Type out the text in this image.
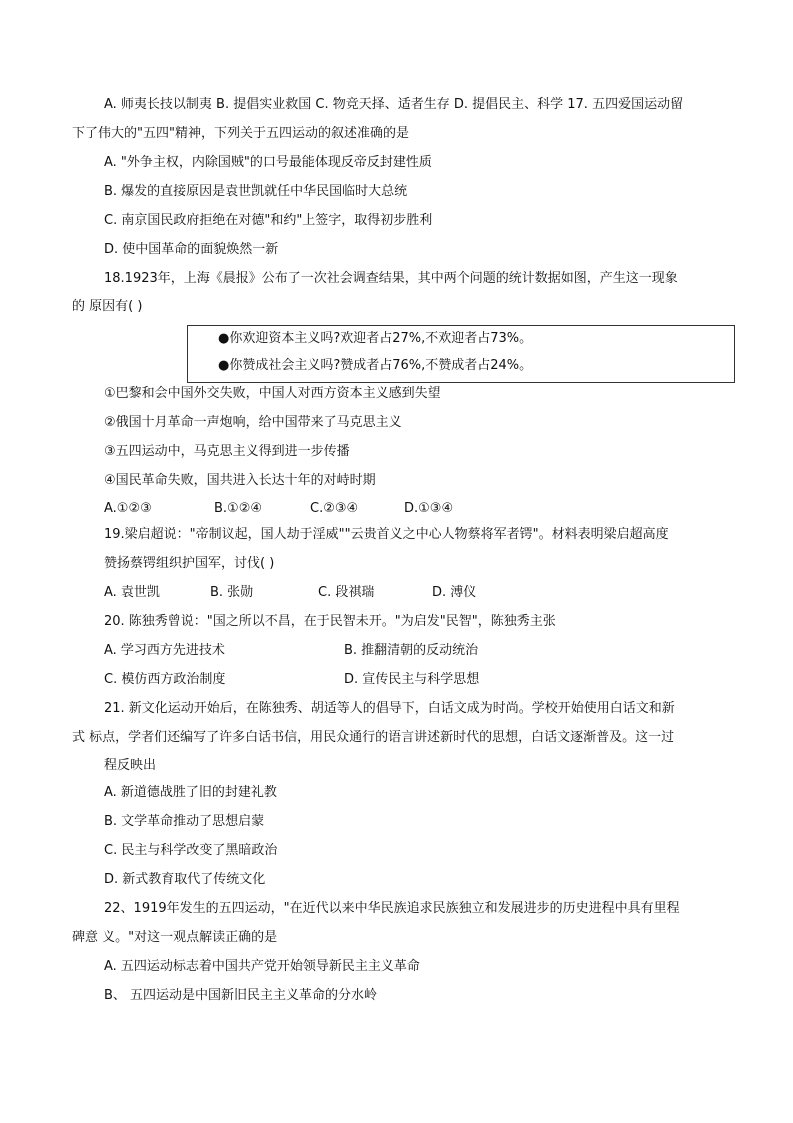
A. 师夷长技以制夷 B. 提倡实业救国 C. 物竞天择、适者生存 D. 提倡民主、科学 17. 五四爱国运动留
下了伟大的"五四"精神，下列关于五四运动的叙述准确的是
A. "外争主权，内除国贼"的口号最能体现反帝反封建性质
B. 爆发的直接原因是袁世凯就任中华民国临时大总统
C. 南京国民政府拒绝在对德"和约"上签字，取得初步胜利
D. 使中国革命的面貌焕然一新
18.1923年，上海《晨报》公布了一次社会调查结果，其中两个问题的统计数据如图，产生这一现象
的 原因有( )
●你欢迎资本主义吗?欢迎者占27%,不欢迎者占73%。
●你赞成社会主义吗?赞成者占76%,不赞成者占24%。
①巴黎和会中国外交失败，中国人对西方资本主义感到失望
②俄国十月革命一声炮响，给中国带来了马克思主义
③五四运动中，马克思主义得到进一步传播
④国民革命失败，国共进入长达十年的对峙时期
A.①②③	B.①②④	C.②③④	D.①③④
19.梁启超说："帝制议起，国人劫于淫威""云贵首义之中心人物蔡将军者锷"。材料表明梁启超高度
赞扬蔡锷组织护国军，讨伐( )
A. 袁世凯	B. 张勋	C. 段祺瑞	D. 溥仪
20. 陈独秀曾说："国之所以不昌，在于民智未开。"为启发"民智"，陈独秀主张
A. 学习西方先进技术	B. 推翻清朝的反动统治
C. 模仿西方政治制度	D. 宣传民主与科学思想
21. 新文化运动开始后，在陈独秀、胡适等人的倡导下，白话文成为时尚。学校开始使用白话文和新
式 标点，学者们还编写了许多白话书信，用民众通行的语言讲述新时代的思想，白话文逐渐普及。这一过
程反映出
A. 新道德战胜了旧的封建礼教
B. 文学革命推动了思想启蒙
C. 民主与科学改变了黑暗政治
D. 新式教育取代了传统文化
22、1919年发生的五四运动，"在近代以来中华民族追求民族独立和发展进步的历史进程中具有里程
碑意 义。"对这一观点解读正确的是
A. 五四运动标志着中国共产党开始领导新民主主义革命
B、 五四运动是中国新旧民主主义革命的分水岭
